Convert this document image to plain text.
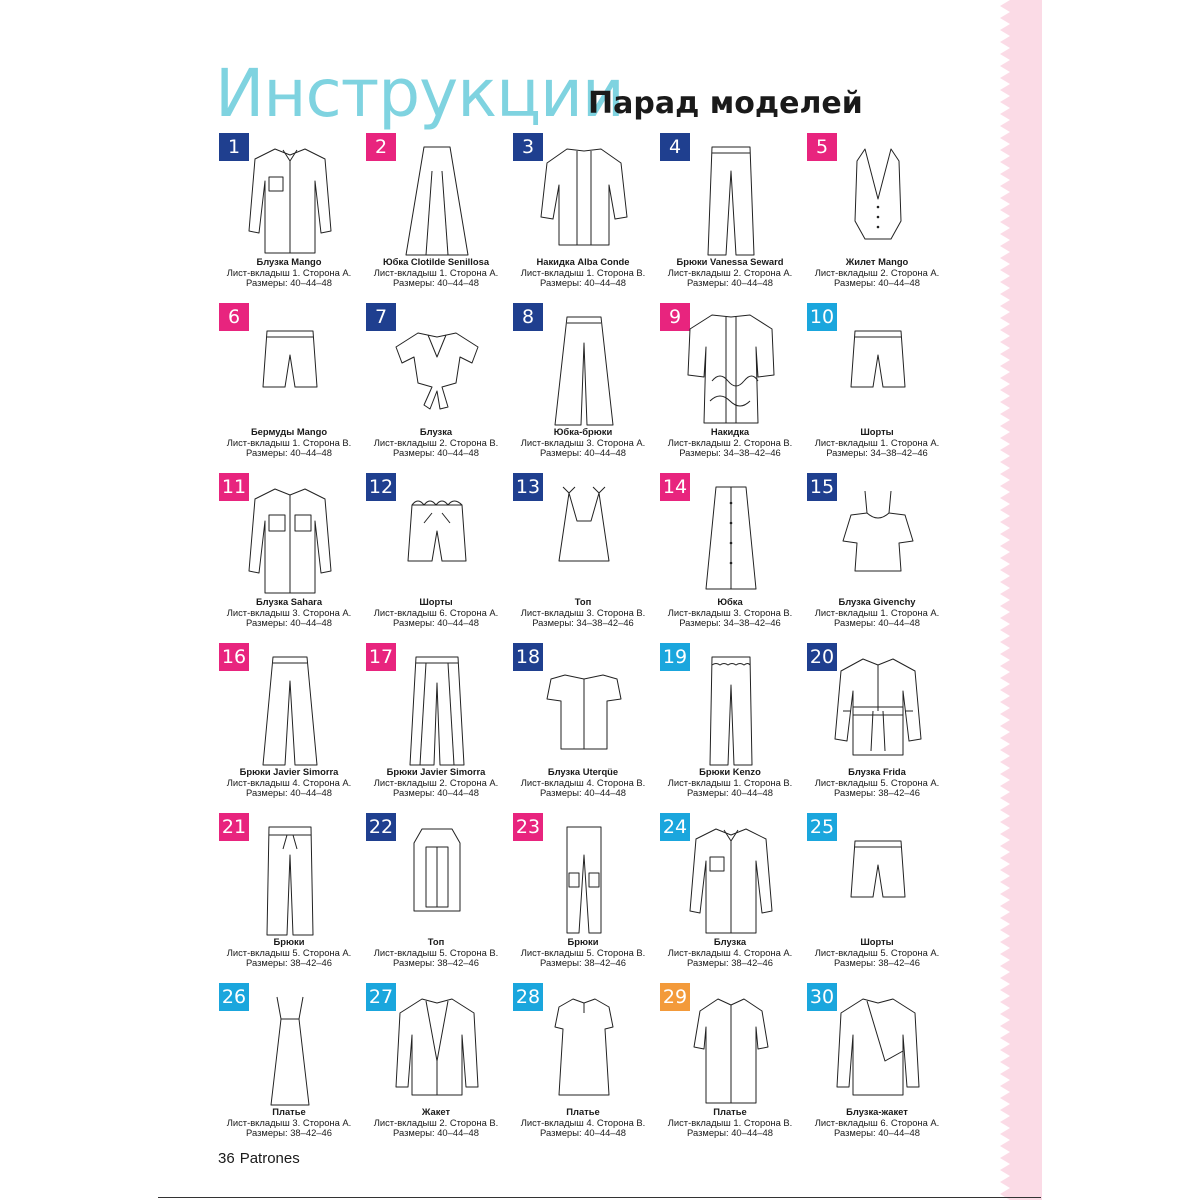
Инструкции
Парад моделей
1
Блузка Mango
Лист-вкладыш 1. Сторона А.
Размеры: 40–44–48
2
Юбка Clotilde Senillosa
Лист-вкладыш 1. Сторона А.
Размеры: 40–44–48
3
Накидка Alba Conde
Лист-вкладыш 1. Сторона В.
Размеры: 40–44–48
4
Брюки Vanessa Seward
Лист-вкладыш 2. Сторона А.
Размеры: 40–44–48
5
Жилет Mango
Лист-вкладыш 2. Сторона А.
Размеры: 40–44–48
6
Бермуды Mango
Лист-вкладыш 1. Сторона В.
Размеры: 40–44–48
7
Блузка
Лист-вкладыш 2. Сторона В.
Размеры: 40–44–48
8
Юбка-брюки
Лист-вкладыш 3. Сторона А.
Размеры: 40–44–48
9
Накидка
Лист-вкладыш 2. Сторона В.
Размеры: 34–38–42–46
10
Шорты
Лист-вкладыш 1. Сторона А.
Размеры: 34–38–42–46
11
Блузка Sahara
Лист-вкладыш 3. Сторона А.
Размеры: 40–44–48
12
Шорты
Лист-вкладыш 6. Сторона А.
Размеры: 40–44–48
13
Топ
Лист-вкладыш 3. Сторона В.
Размеры: 34–38–42–46
14
Юбка
Лист-вкладыш 3. Сторона В.
Размеры: 34–38–42–46
15
Блузка Givenchy
Лист-вкладыш 1. Сторона А.
Размеры: 40–44–48
16
Брюки Javier Simorra
Лист-вкладыш 4. Сторона А.
Размеры: 40–44–48
17
Брюки Javier Simorra
Лист-вкладыш 2. Сторона А.
Размеры: 40–44–48
18
Блузка Uterqüe
Лист-вкладыш 4. Сторона В.
Размеры: 40–44–48
19
Брюки Kenzo
Лист-вкладыш 1. Сторона В.
Размеры: 40–44–48
20
Блузка Frida
Лист-вкладыш 5. Сторона А.
Размеры: 38–42–46
21
Брюки
Лист-вкладыш 5. Сторона А.
Размеры: 38–42–46
22
Топ
Лист-вкладыш 5. Сторона В.
Размеры: 38–42–46
23
Брюки
Лист-вкладыш 5. Сторона В.
Размеры: 38–42–46
24
Блузка
Лист-вкладыш 4. Сторона А.
Размеры: 38–42–46
25
Шорты
Лист-вкладыш 5. Сторона А.
Размеры: 38–42–46
26
Платье
Лист-вкладыш 3. Сторона А.
Размеры: 38–42–46
27
Жакет
Лист-вкладыш 2. Сторона В.
Размеры: 40–44–48
28
Платье
Лист-вкладыш 4. Сторона В.
Размеры: 40–44–48
29
Платье
Лист-вкладыш 1. Сторона В.
Размеры: 40–44–48
30
Блузка-жакет
Лист-вкладыш 6. Сторона А.
Размеры: 40–44–48
36 Patrones
